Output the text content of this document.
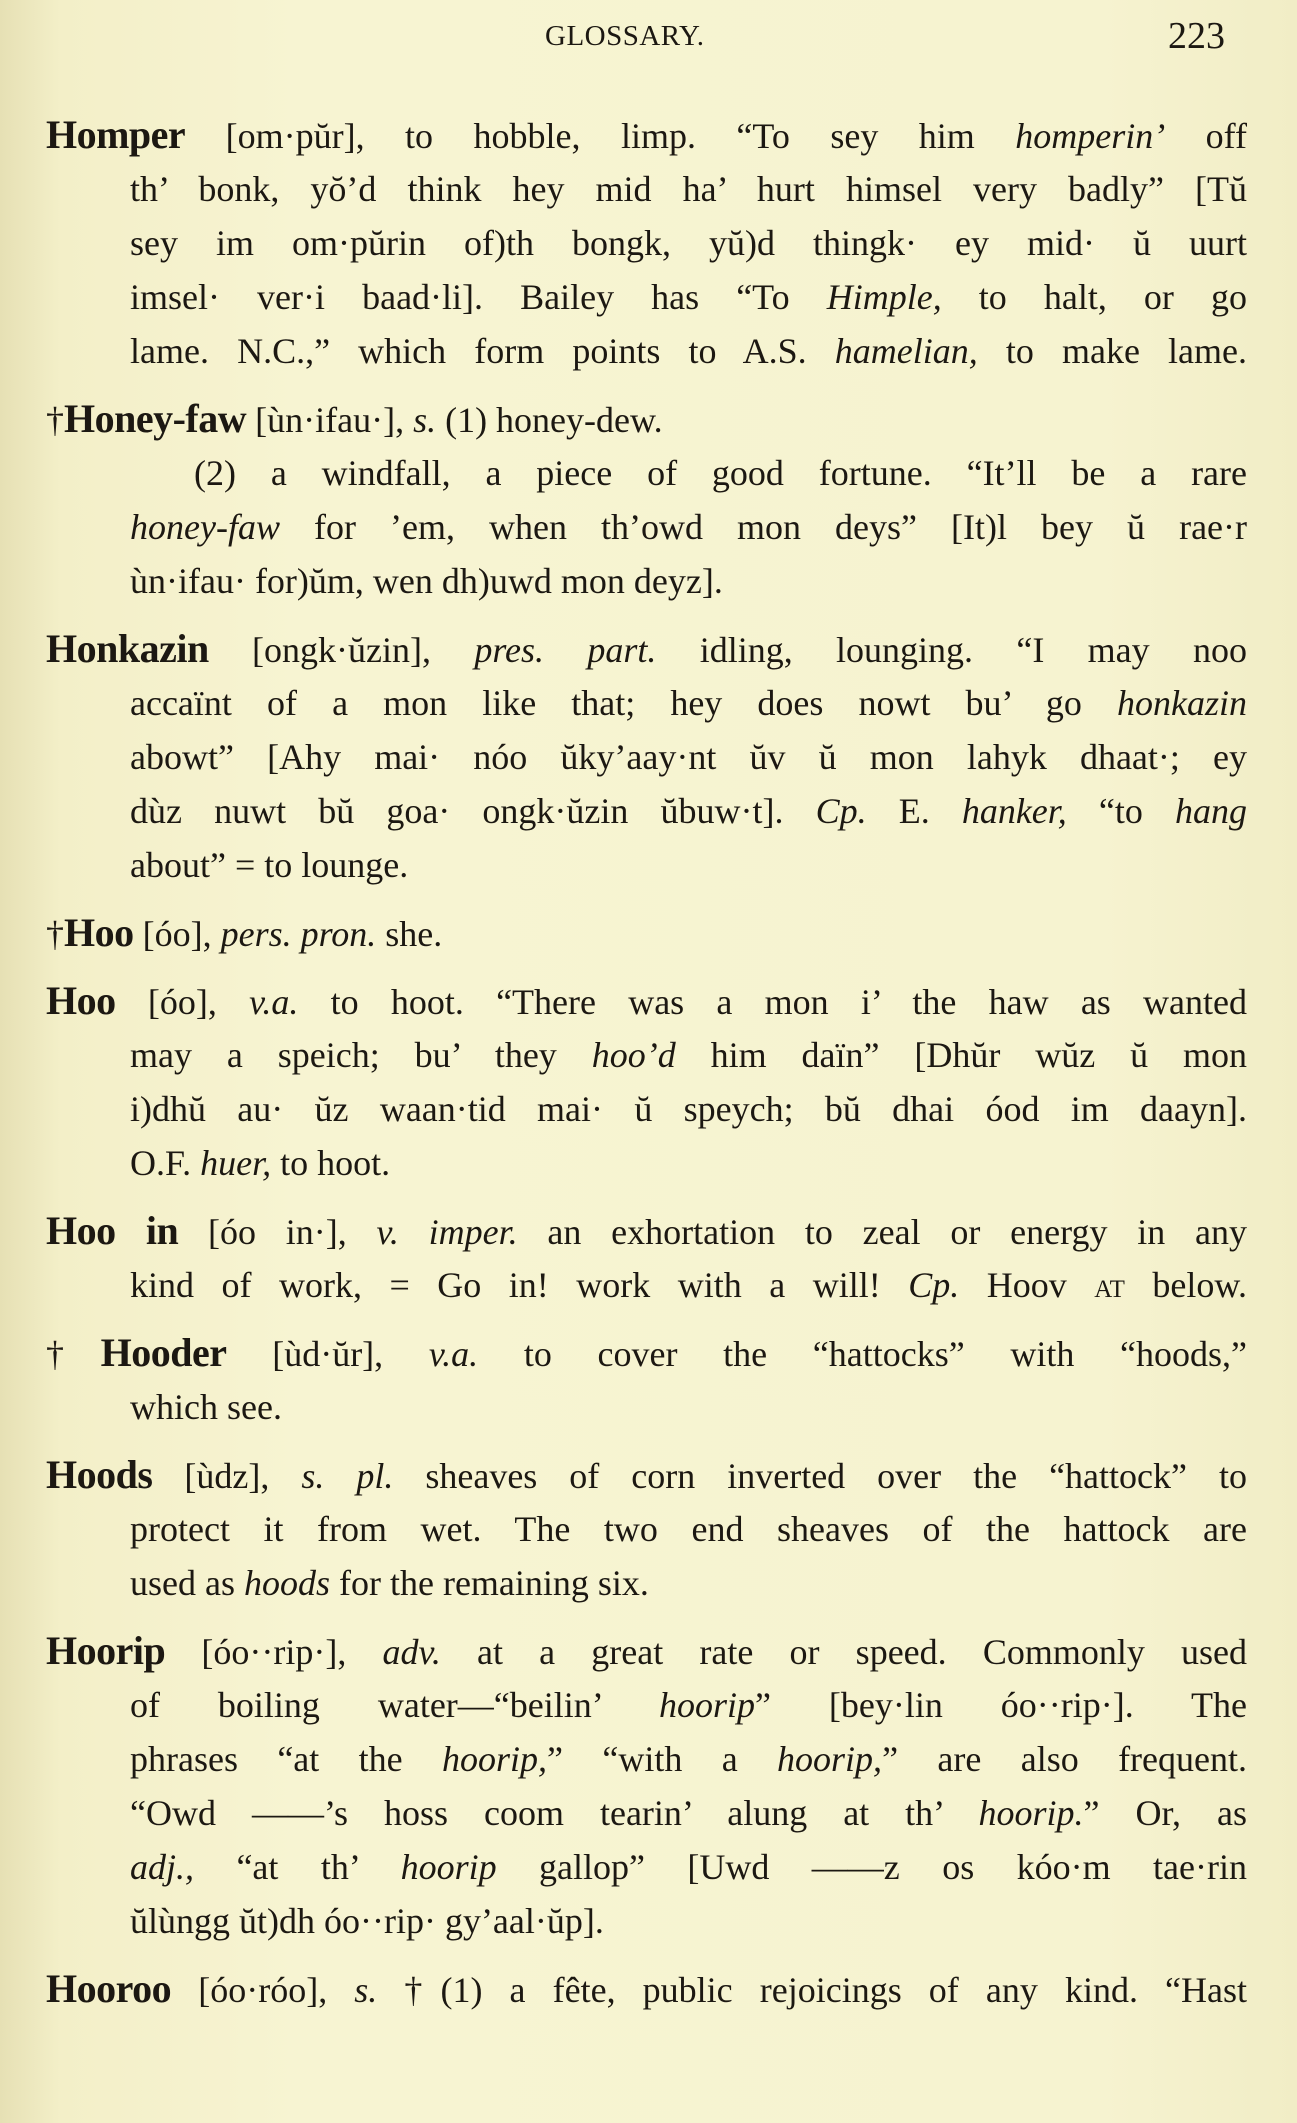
GLOSSARY.	223
Homper [om·pŭr], to hobble, limp. “To sey him homperin’ off
th’ bonk, yŏ’d think hey mid ha’ hurt himsel very badly” [Tŭ
sey im om·pŭrin of)th bongk, yŭ)d thingk· ey mid· ŭ uurt
imsel· ver·i baad·li]. Bailey has “To Himple, to halt, or go
lame. N.C.,” which form points to A.S. hamelian, to make lame.
†Honey-faw [ùn·ifau·], s. (1) honey-dew.
(2) a windfall, a piece of good fortune. “It’ll be a rare
honey-faw for ’em, when th’owd mon deys” [It)l bey ŭ rae·r
ùn·ifau· for)ŭm, wen dh)uwd mon deyz].
Honkazin [ongk·ŭzin], pres. part. idling, lounging. “I may noo
accaïnt of a mon like that; hey does nowt bu’ go honkazin
abowt” [Ahy mai· nóo ŭky’aay·nt ŭv ŭ mon lahyk dhaat·; ey
dùz nuwt bŭ goa· ongk·ŭzin ŭbuw·t]. Cp. E. hanker, “to hang
about” = to lounge.
†Hoo [óo], pers. pron. she.
Hoo [óo], v.a. to hoot. “There was a mon i’ the haw as wanted
may a speich; bu’ they hoo’d him daïn” [Dhŭr wŭz ŭ mon
i)dhŭ au· ŭz waan·tid mai· ŭ speych; bŭ dhai óod im daayn].
O.F. huer, to hoot.
Hoo in [óo in·], v. imper. an exhortation to zeal or energy in any
kind of work, = Go in! work with a will! Cp. Hoov at below.
†Hooder [ùd·ŭr], v.a. to cover the “hattocks” with “hoods,”
which see.
Hoods [ùdz], s. pl. sheaves of corn inverted over the “hattock” to
protect it from wet. The two end sheaves of the hattock are
used as hoods for the remaining six.
Hoorip [óo··rip·], adv. at a great rate or speed. Commonly used
of boiling water—“beilin’ hoorip” [bey·lin óo··rip·]. The
phrases “at the hoorip,” “with a hoorip,” are also frequent.
“Owd ——’s hoss coom tearin’ alung at th’ hoorip.” Or, as
adj., “at th’ hoorip gallop” [Uwd ——z os kóo·m tae·rin
ŭlùngg ŭt)dh óo··rip· gy’aal·ŭp].
Hooroo [óo·róo], s. †(1) a fête, public rejoicings of any kind. “Hast
